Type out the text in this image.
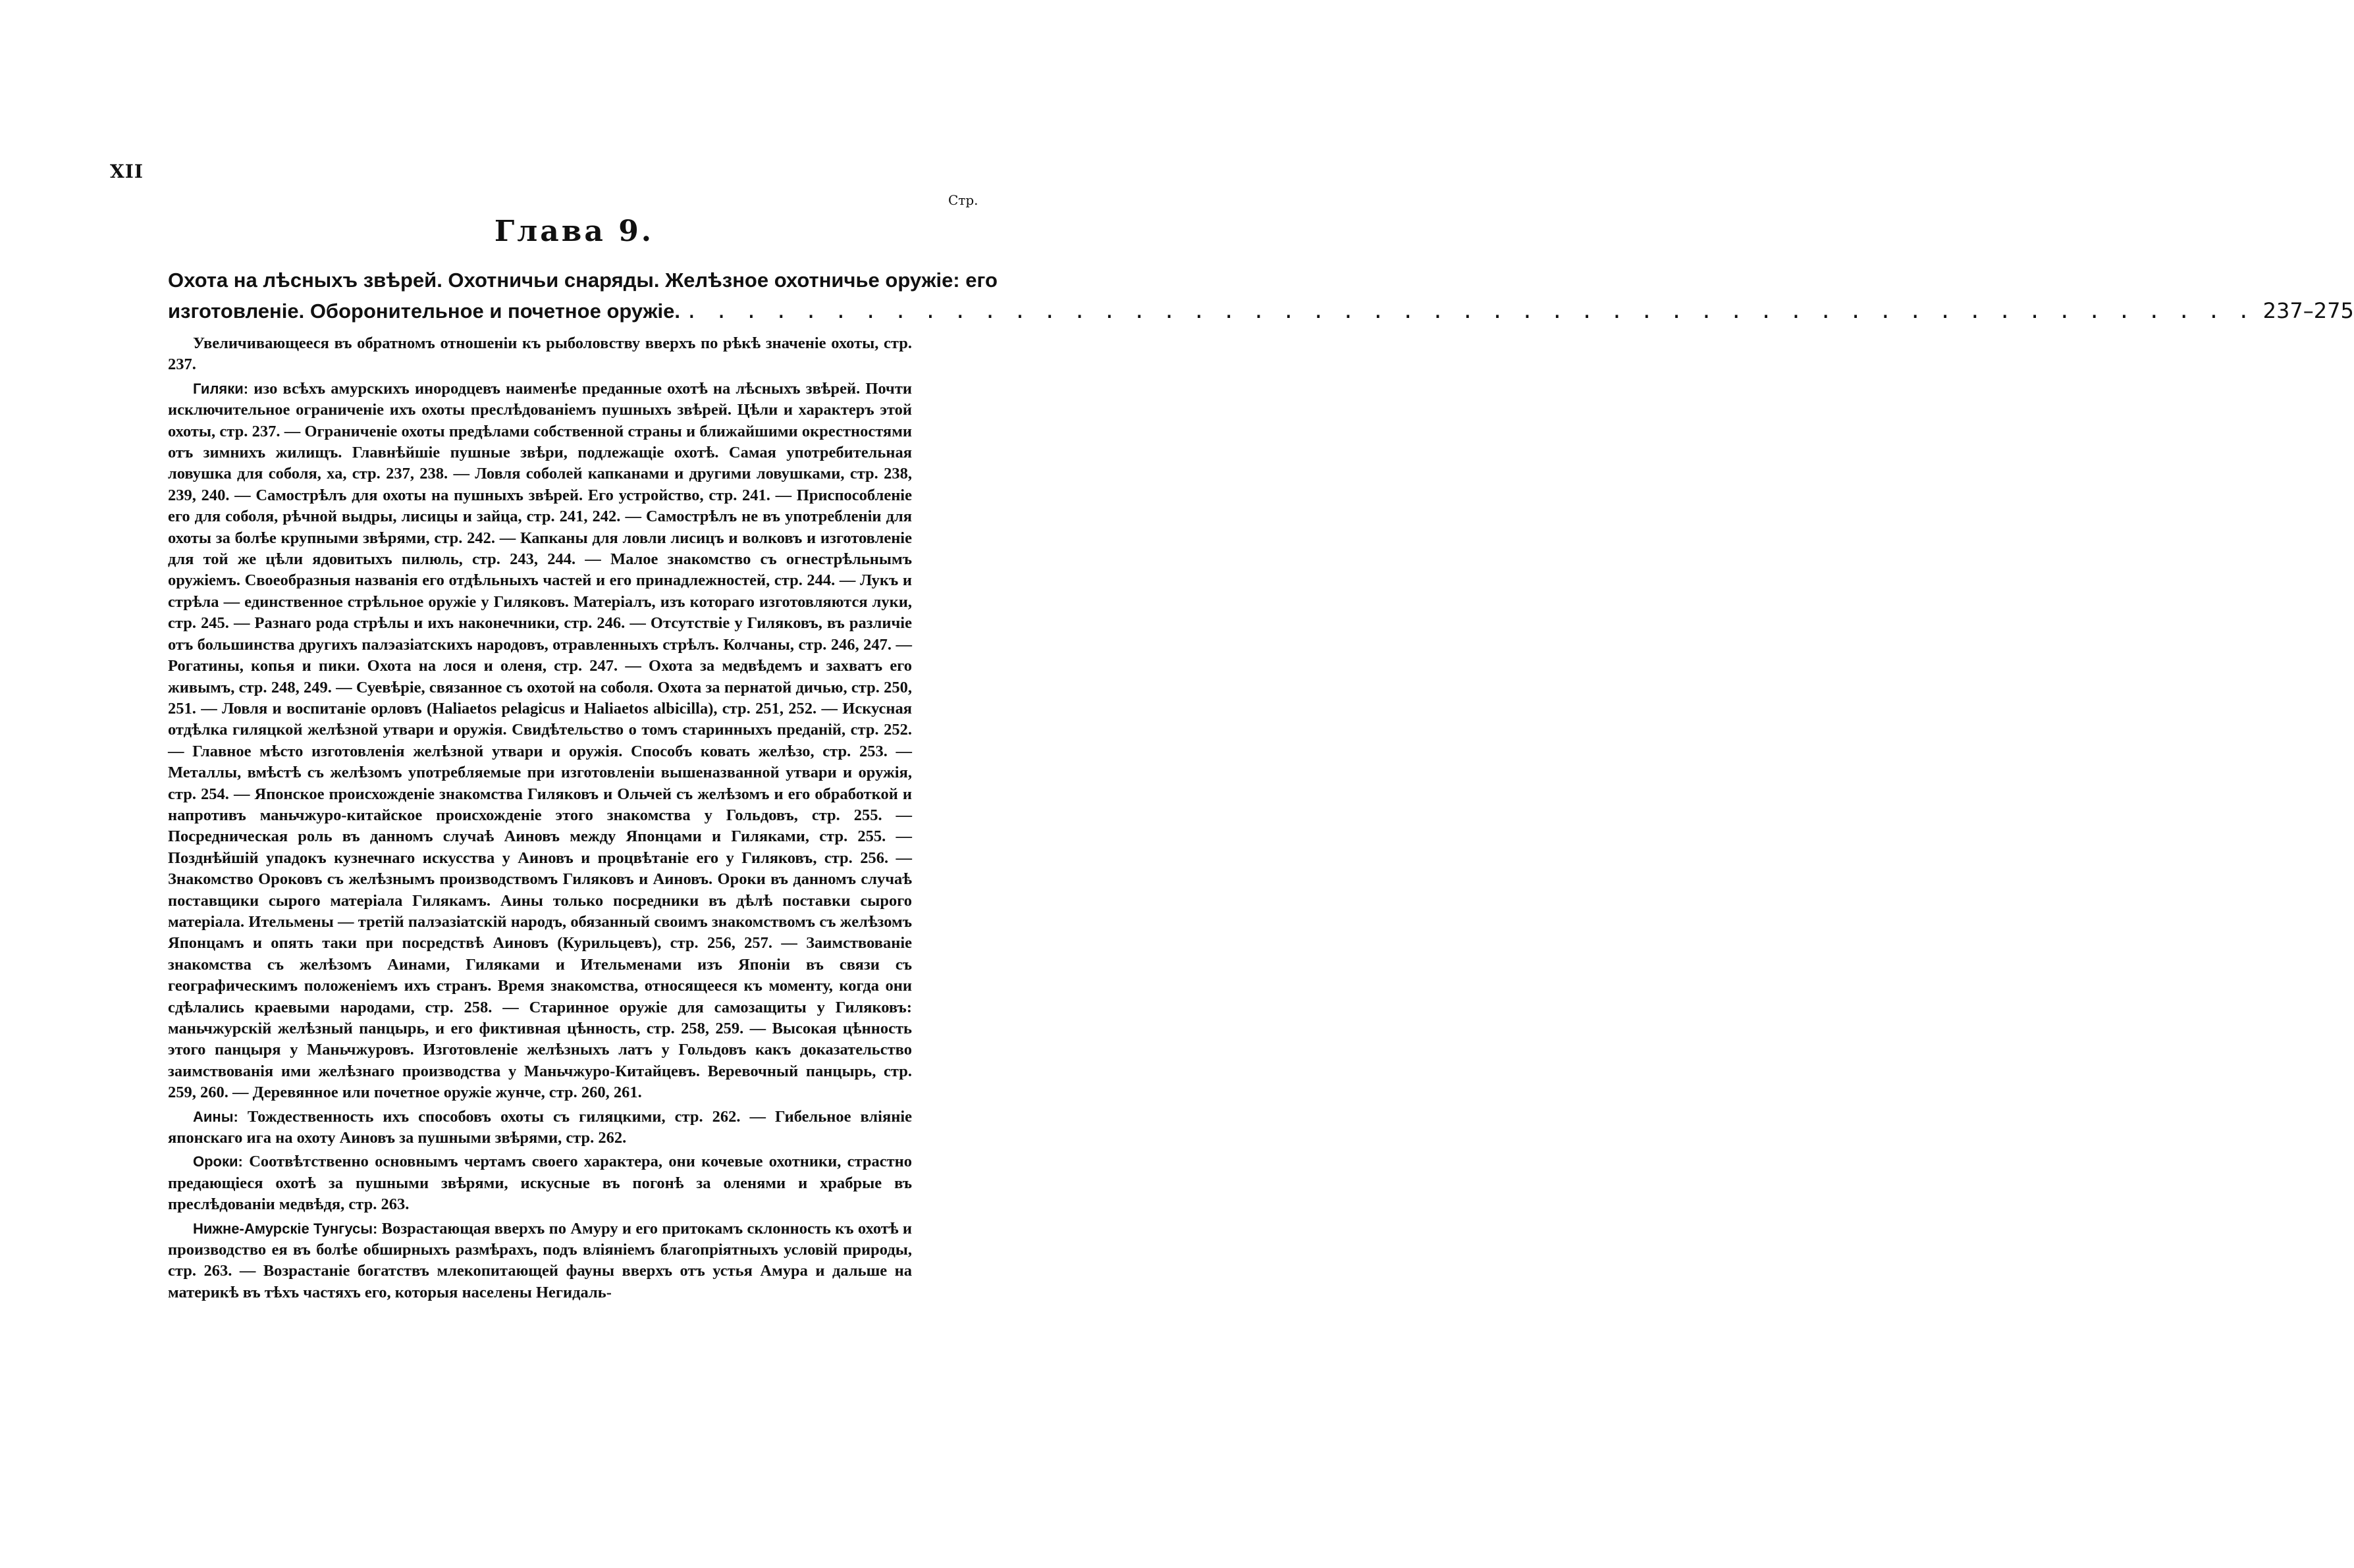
XII
Стр.
Глава 9.
Охота на лѣсныхъ звѣрей. Охотничьи снаряды. Желѣзное охотничье оружіе: его
изготовленіе. Оборонительное и почетное оружіе. . . . . . . . . . . . . . . . . . . . . . . . . . . . . . . . . . . . . . . . . . . . . . . . . . . . . . 237–275

Увеличивающееся въ обратномъ отношеніи къ рыболовству вверхъ по рѣкѣ значеніе охоты, стр. 237.

Гиляки: изо всѣхъ амурскихъ инородцевъ наименѣе преданные охотѣ на лѣсныхъ звѣрей. Почти исключительное ограниченіе ихъ охоты преслѣдованіемъ пушныхъ звѣрей. Цѣли и характеръ этой охоты, стр. 237. — Ограниченіе охоты предѣлами собственной страны и ближайшими окрестностями отъ зимнихъ жилищъ. Главнѣйшіе пушные звѣри, подлежащіе охотѣ. Самая употребительная ловушка для соболя, ха, стр. 237, 238. — Ловля соболей капканами и другими ловушками, стр. 238, 239, 240. — Самострѣлъ для охоты на пушныхъ звѣрей. Его устройство, стр. 241. — Приспособленіе его для соболя, рѣчной выдры, лисицы и зайца, стр. 241, 242. — Самострѣлъ не въ употребленіи для охоты за болѣе крупными звѣрями, стр. 242. — Капканы для ловли лисицъ и волковъ и изготовленіе для той же цѣли ядовитыхъ пилюль, стр. 243, 244. — Малое знакомство съ огнестрѣльнымъ оружіемъ. Своеобразныя названія его отдѣльныхъ частей и его принадлежностей, стр. 244. — Лукъ и стрѣла — единственное стрѣльное оружіе у Гиляковъ. Матеріалъ, изъ котораго изготовляются луки, стр. 245. — Разнаго рода стрѣлы и ихъ наконечники, стр. 246. — Отсутствіе у Гиляковъ, въ различіе отъ большинства другихъ палэазіатскихъ народовъ, отравленныхъ стрѣлъ. Колчаны, стр. 246, 247. — Рогатины, копья и пики. Охота на лося и оленя, стр. 247. — Охота за медвѣдемъ и захватъ его живымъ, стр. 248, 249. — Суевѣріе, связанное съ охотой на соболя. Охота за пернатой дичью, стр. 250, 251. — Ловля и воспитаніе орловъ (Haliaetos pelagicus и Haliaetos albicilla), стр. 251, 252. — Искусная отдѣлка гиляцкой желѣзной утвари и оружія. Свидѣтельство о томъ старинныхъ преданій, стр. 252. — Главное мѣсто изготовленія желѣзной утвари и оружія. Способъ ковать желѣзо, стр. 253. — Металлы, вмѣстѣ съ желѣзомъ употребляемые при изготовленіи вышеназванной утвари и оружія, стр. 254. — Японское происхожденіе знакомства Гиляковъ и Ольчей съ желѣзомъ и его обработкой и напротивъ маньчжуро-китайское происхожденіе этого знакомства у Гольдовъ, стр. 255. — Посредническая роль въ данномъ случаѣ Аиновъ между Японцами и Гиляками, стр. 255. — Позднѣйшій упадокъ кузнечнаго искусства у Аиновъ и процвѣтаніе его у Гиляковъ, стр. 256. — Знакомство Ороковъ съ желѣзнымъ производствомъ Гиляковъ и Аиновъ. Ороки въ данномъ случаѣ поставщики сырого матеріала Гилякамъ. Аины только посредники въ дѣлѣ поставки сырого матеріала. Ительмены — третій палэазіатскій народъ, обязанный своимъ знакомствомъ съ желѣзомъ Японцамъ и опять таки при посредствѣ Аиновъ (Курильцевъ), стр. 256, 257. — Заимствованіе знакомства съ желѣзомъ Аинами, Гиляками и Ительменами изъ Японіи въ связи съ географическимъ положеніемъ ихъ странъ. Время знакомства, относящееся къ моменту, когда они сдѣлались краевыми народами, стр. 258. — Старинное оружіе для самозащиты у Гиляковъ: маньчжурскій желѣзный панцырь, и его фиктивная цѣнность, стр. 258, 259. — Высокая цѣнность этого панцыря у Маньчжуровъ. Изготовленіе желѣзныхъ латъ у Гольдовъ какъ доказательство заимствованія ими желѣзнаго производства у Маньчжуро-Китайцевъ. Веревочный панцырь, стр. 259, 260. — Деревянное или почетное оружіе жунче, стр. 260, 261.

Аины: Тождественность ихъ способовъ охоты съ гиляцкими, стр. 262. — Гибельное вліяніе японскаго ига на охоту Аиновъ за пушными звѣрями, стр. 262.

Ороки: Соотвѣтственно основнымъ чертамъ своего характера, они кочевые охотники, страстно предающіеся охотѣ за пушными звѣрями, искусные въ погонѣ за оленями и храбрые въ преслѣдованіи медвѣдя, стр. 263.

Нижне-Амурскіе Тунгусы: Возрастающая вверхъ по Амуру и его притокамъ склонность къ охотѣ и производство ея въ болѣе обширныхъ размѣрахъ, подъ вліяніемъ благопріятныхъ условій природы, стр. 263. — Возрастаніе богатствъ млекопитающей фауны вверхъ отъ устья Амура и дальше на материкѣ въ тѣхъ частяхъ его, которыя населены Негидаль-
